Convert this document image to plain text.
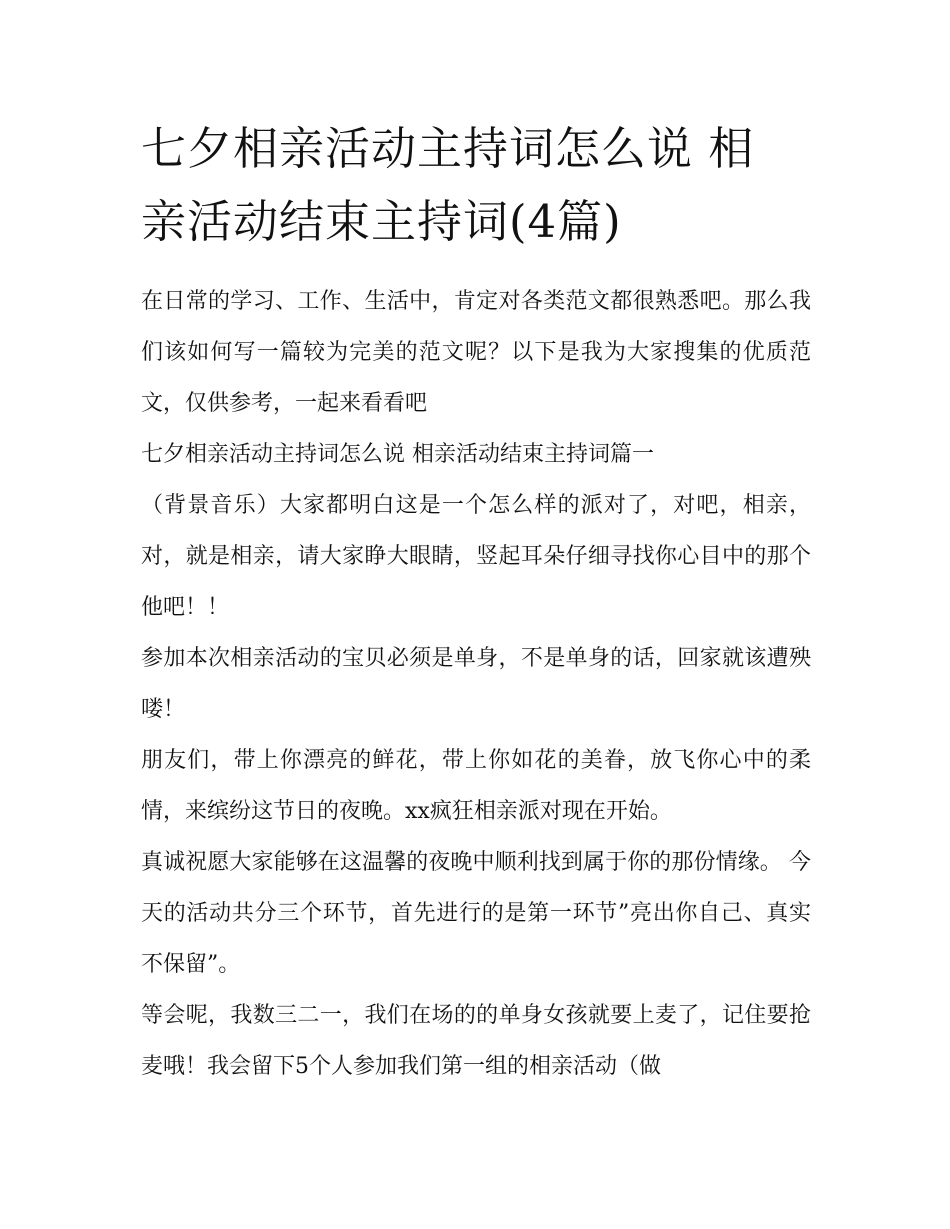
七夕相亲活动主持词怎么说 相
亲活动结束主持词(4篇)

在日常的学习、工作、生活中，肯定对各类范文都很熟悉吧。那么我们该如何写一篇较为完美的范文呢？以下是我为大家搜集的优质范文，仅供参考，一起来看看吧

七夕相亲活动主持词怎么说 相亲活动结束主持词篇一

（背景音乐）大家都明白这是一个怎么样的派对了，对吧，相亲，对，就是相亲，请大家睁大眼睛，竖起耳朵仔细寻找你心目中的那个他吧！！

参加本次相亲活动的宝贝必须是单身，不是单身的话，回家就该遭殃喽！

朋友们，带上你漂亮的鲜花，带上你如花的美眷，放飞你心中的柔情，来缤纷这节日的夜晚。xx疯狂相亲派对现在开始。

真诚祝愿大家能够在这温馨的夜晚中顺利找到属于你的那份情缘。 今天的活动共分三个环节，首先进行的是第一环节”亮出你自己、真实不保留”。

等会呢，我数三二一，我们在场的的单身女孩就要上麦了，记住要抢麦哦！我会留下5个人参加我们第一组的相亲活动（做
